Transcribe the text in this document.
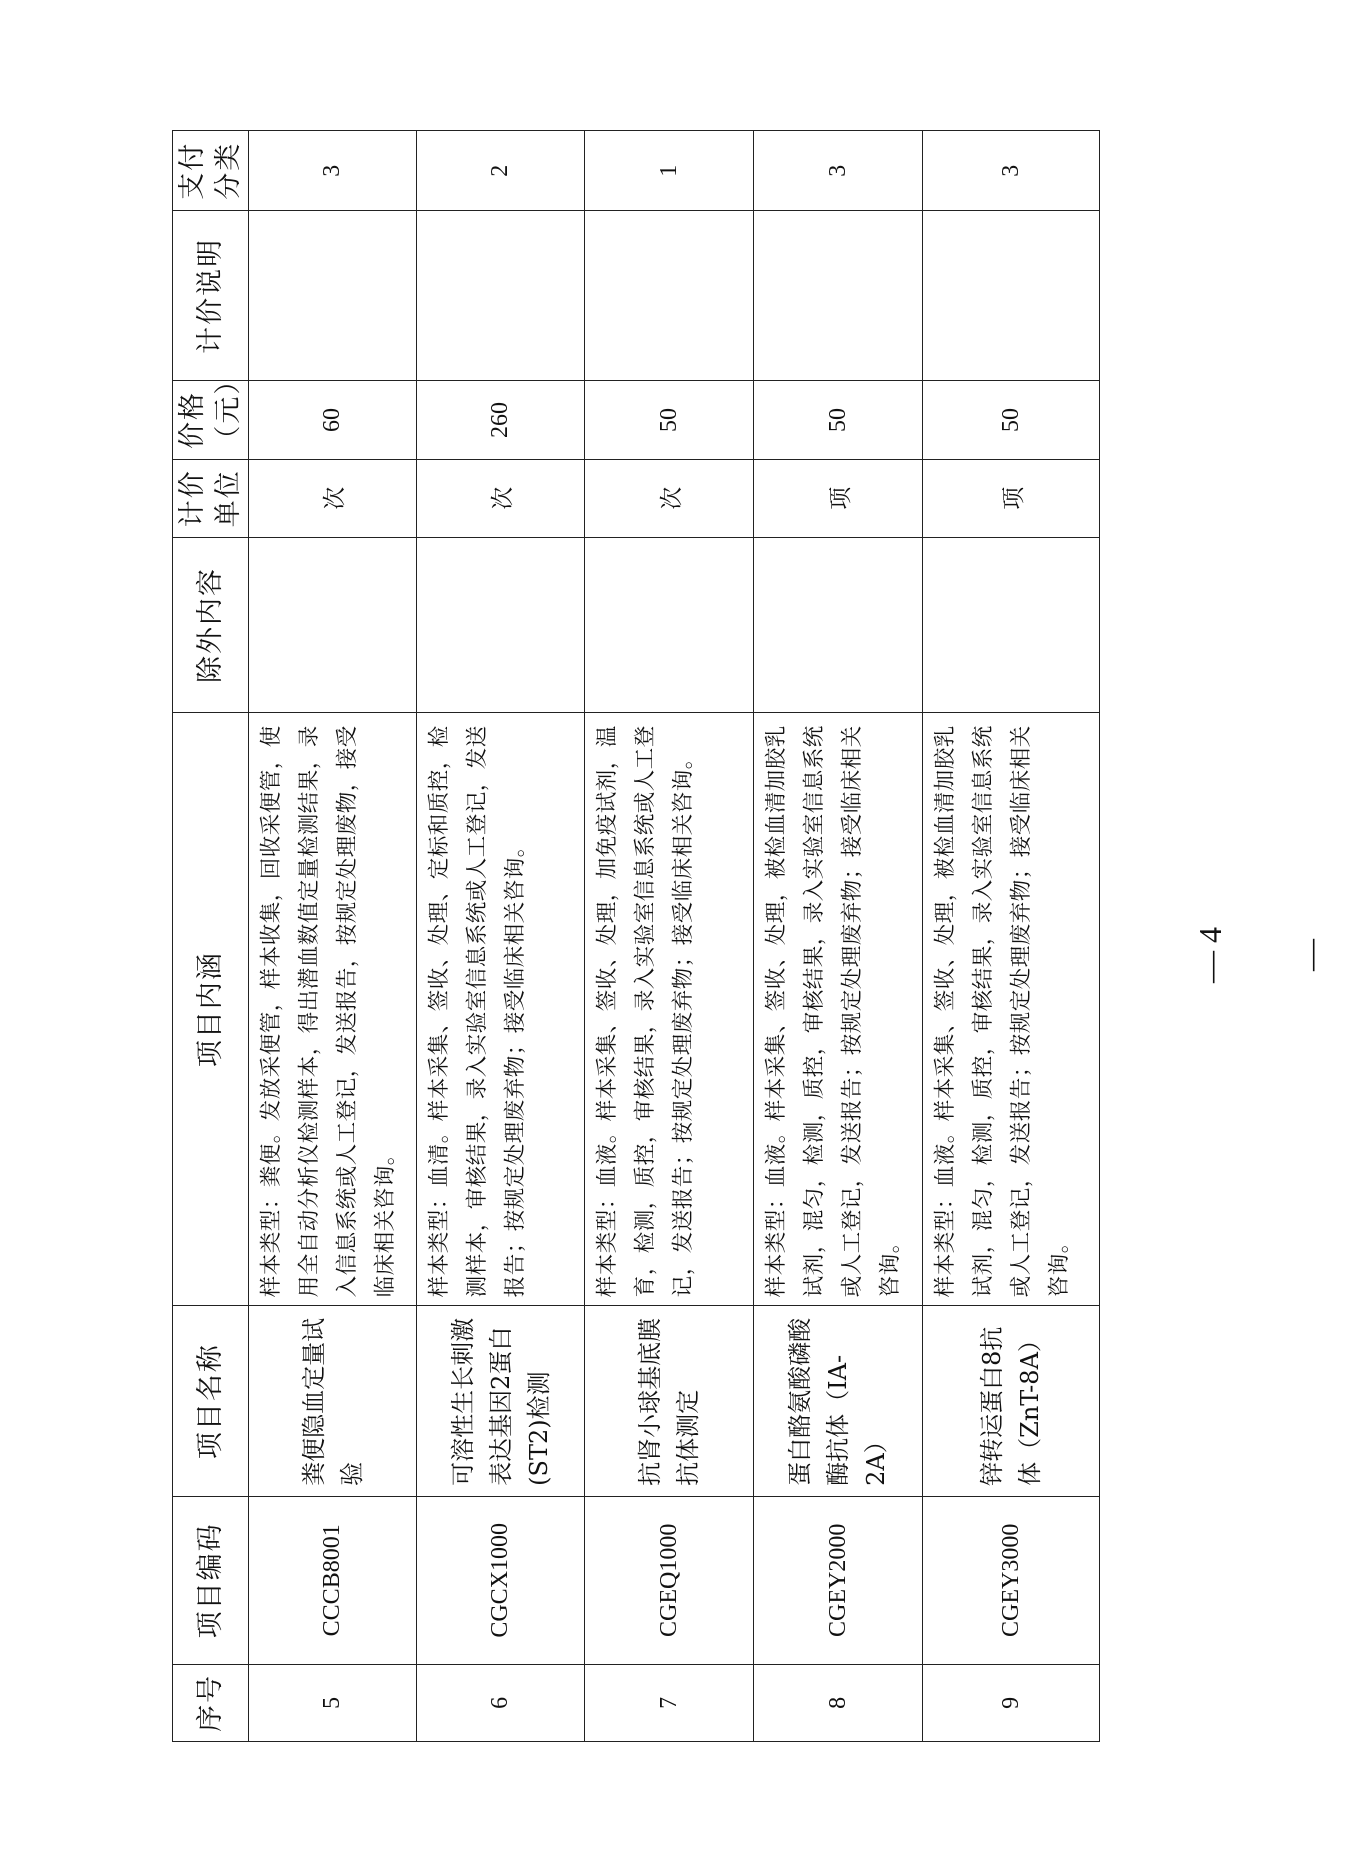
序号	项目编码	项目名称	项目内涵	除外内容	计价单位	价格（元）	计价说明	支付分类
5	CCCB8001	粪便隐血定量试验	样本类型：粪便。发放采便管，样本收集，回收采便管，使用全自动分析仪检测样本，得出潜血数值定量检测结果，录入信息系统或人工登记，发送报告，按规定处理废物，接受临床相关咨询。		次	60		3
6	CGCX1000	可溶性生长刺激表达基因2蛋白(ST2)检测	样本类型：血清。样本采集、签收、处理、定标和质控，检测样本，审核结果，录入实验室信息系统或人工登记，发送报告；按规定处理废弃物；接受临床相关咨询。		次	260		2
7	CGEQ1000	抗肾小球基底膜抗体测定	样本类型：血液。样本采集、签收、处理，加免疫试剂，温育，检测，质控，审核结果，录入实验室信息系统或人工登记，发送报告；按规定处理废弃物；接受临床相关咨询。		次	50		1
8	CGEY2000	蛋白酪氨酸磷酸酶抗体（IA-2A）	样本类型：血液。样本采集、签收、处理，被检血清加胶乳试剂，混匀，检测，质控，审核结果，录入实验室信息系统或人工登记，发送报告；按规定处理废弃物；接受临床相关咨询。		项	50		3
9	CGEY3000	锌转运蛋白8抗体（ZnT-8A）	样本类型：血液。样本采集、签收、处理，被检血清加胶乳试剂，混匀，检测，质控，审核结果，录入实验室信息系统或人工登记，发送报告；按规定处理废弃物；接受临床相关咨询。		项	50		3
— 4 —
